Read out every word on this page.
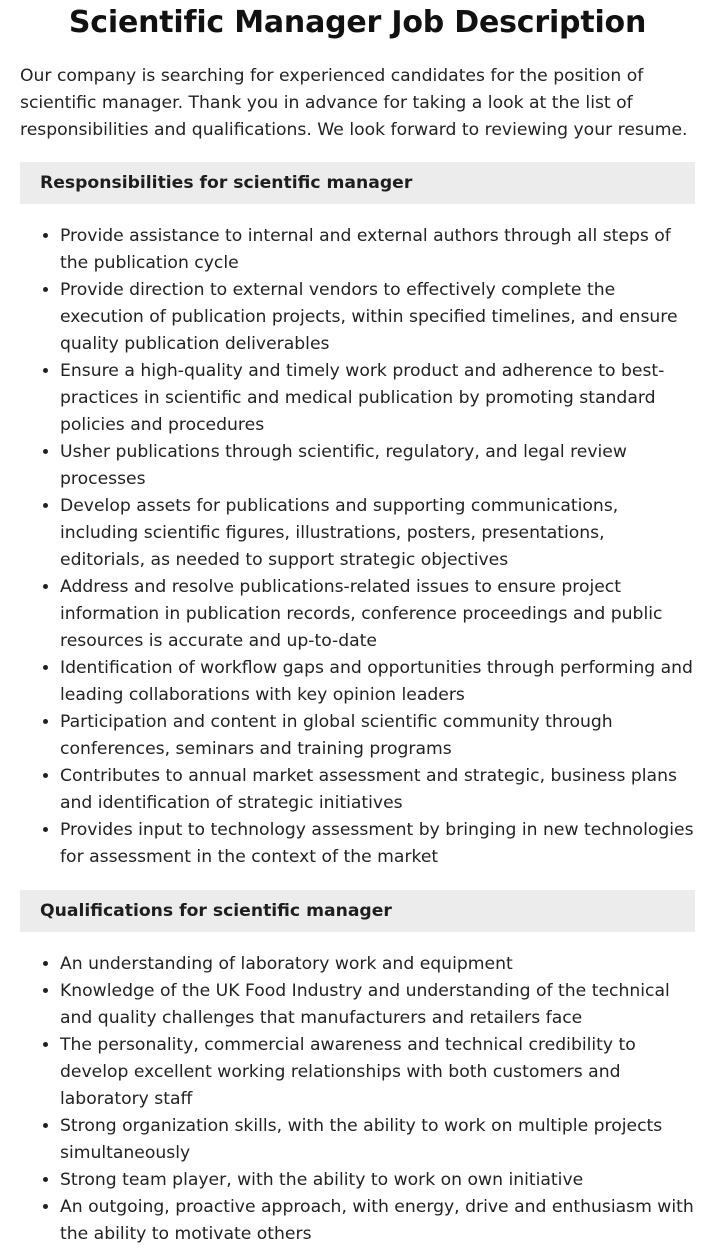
Scientific Manager Job Description

Our company is searching for experienced candidates for the position of scientific manager. Thank you in advance for taking a look at the list of responsibilities and qualifications. We look forward to reviewing your resume.

Responsibilities for scientific manager
• Provide assistance to internal and external authors through all steps of the publication cycle
• Provide direction to external vendors to effectively complete the execution of publication projects, within specified timelines, and ensure quality publication deliverables
• Ensure a high-quality and timely work product and adherence to best-practices in scientific and medical publication by promoting standard policies and procedures
• Usher publications through scientific, regulatory, and legal review processes
• Develop assets for publications and supporting communications, including scientific figures, illustrations, posters, presentations, editorials, as needed to support strategic objectives
• Address and resolve publications-related issues to ensure project information in publication records, conference proceedings and public resources is accurate and up-to-date
• Identification of workflow gaps and opportunities through performing and leading collaborations with key opinion leaders
• Participation and content in global scientific community through conferences, seminars and training programs
• Contributes to annual market assessment and strategic, business plans and identification of strategic initiatives
• Provides input to technology assessment by bringing in new technologies for assessment in the context of the market
Qualifications for scientific manager
• An understanding of laboratory work and equipment
• Knowledge of the UK Food Industry and understanding of the technical and quality challenges that manufacturers and retailers face
• The personality, commercial awareness and technical credibility to develop excellent working relationships with both customers and laboratory staff
• Strong organization skills, with the ability to work on multiple projects simultaneously
• Strong team player, with the ability to work on own initiative
• An outgoing, proactive approach, with energy, drive and enthusiasm with the ability to motivate others
